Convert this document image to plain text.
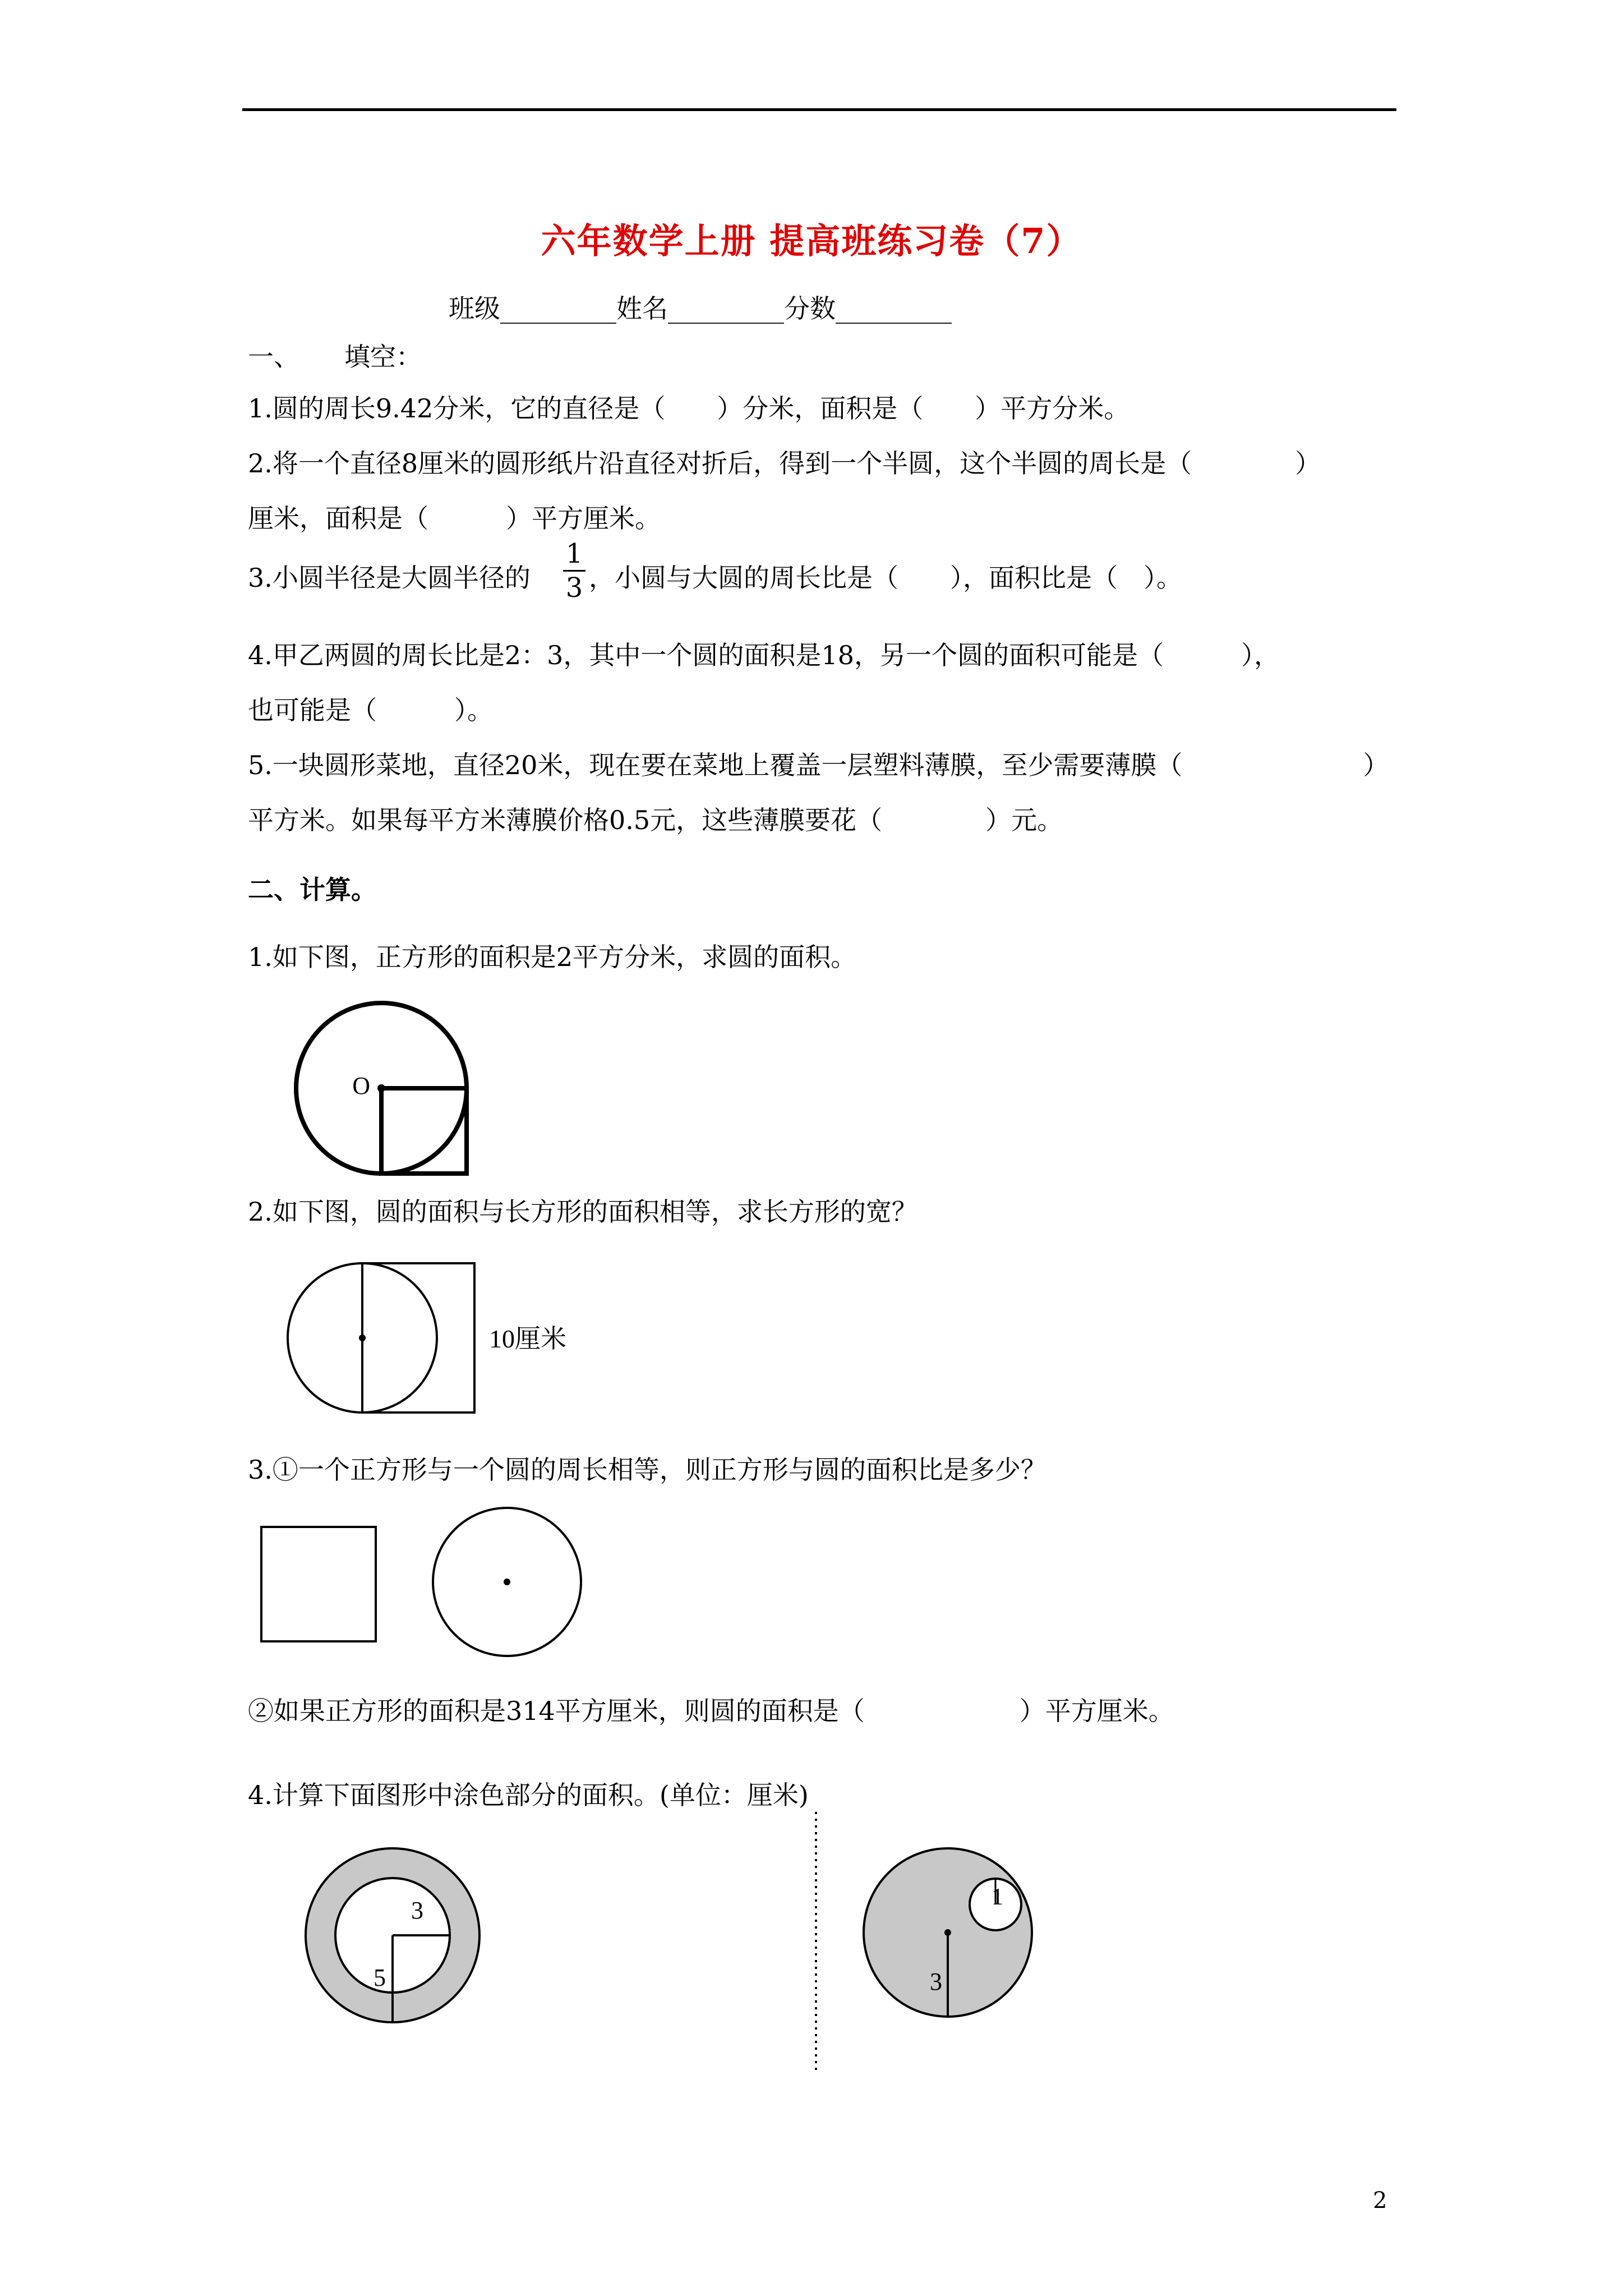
六年数学上册 提高班练习卷（7）
班级_________姓名_________分数_________
一、 填空：
1.圆的周长9.42分米，它的直径是（　　）分米，面积是（　　）平方分米。
2.将一个直径8厘米的圆形纸片沿直径对折后，得到一个半圆，这个半圆的周长是（　　　　）
厘米，面积是（　　　）平方厘米。
3.小圆半径是大圆半径的
1
3 ，小圆与大圆的周长比是（　　），面积比是（　）。
4.甲乙两圆的周长比是2：3，其中一个圆的面积是18，另一个圆的面积可能是（　　　），
也可能是（　　　）。
5.一块圆形菜地，直径20米，现在要在菜地上覆盖一层塑料薄膜，至少需要薄膜（　　　　　　　）
平方米。如果每平方米薄膜价格0.5元，这些薄膜要花（　　　　）元。
二、计算。
1.如下图，正方形的面积是2平方分米，求圆的面积。
O
2.如下图，圆的面积与长方形的面积相等，求长方形的宽？
10厘米
3.①一个正方形与一个圆的周长相等，则正方形与圆的面积比是多少？
②如果正方形的面积是314平方厘米，则圆的面积是（　　　　　　）平方厘米。
4.计算下面图形中涂色部分的面积。(单位：厘米)
3
5
1
3
2
